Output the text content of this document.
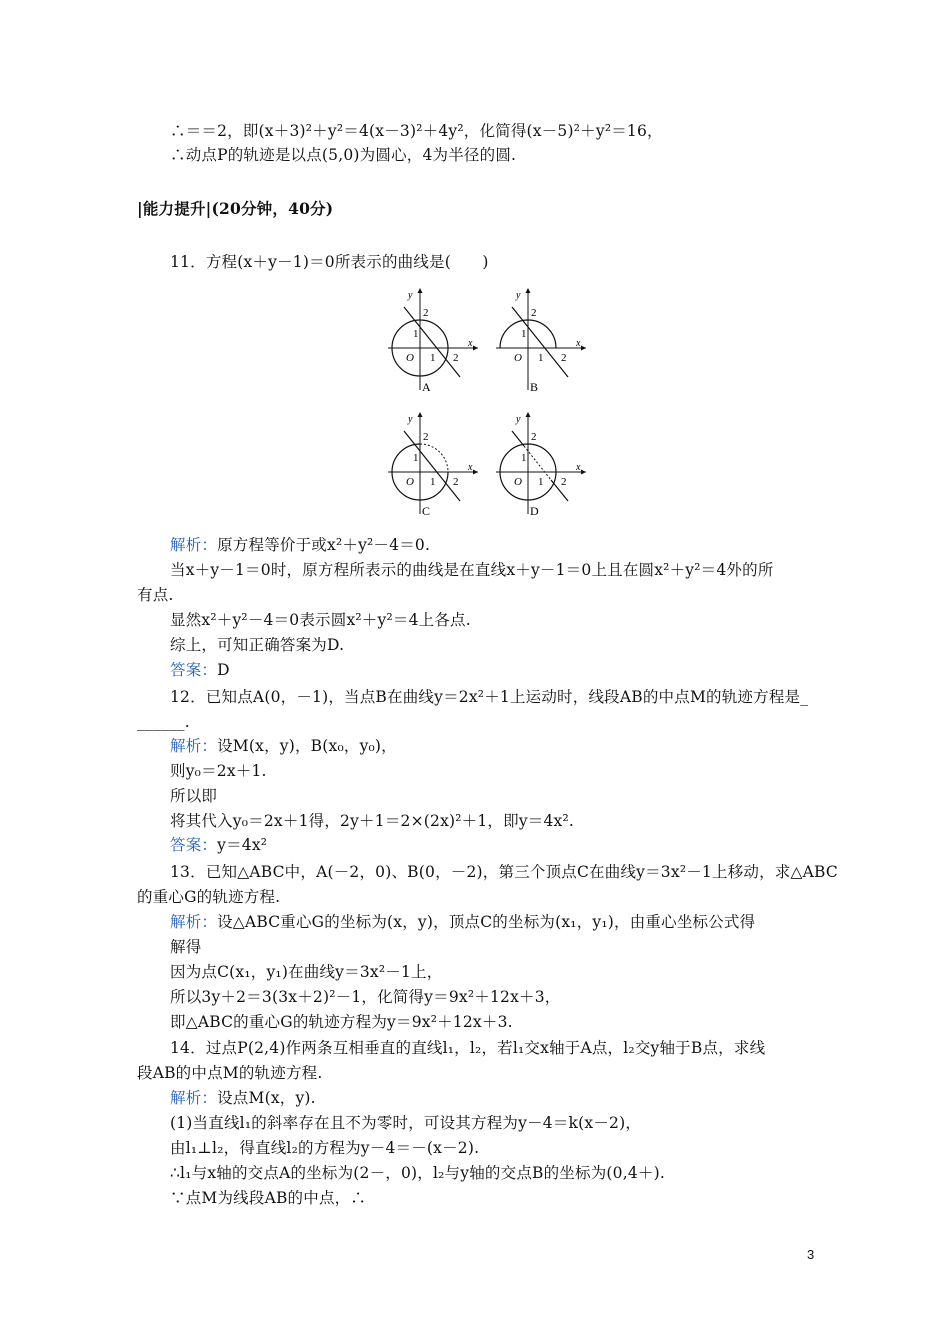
∴＝＝2，即(x＋3)²＋y²＝4(x－3)²＋4y²，化简得(x－5)²＋y²＝16，
∴动点P的轨迹是以点(5,0)为圆心，4为半径的圆.
|能力提升|(20分钟，40分)
11．方程(x＋y－1)＝0所表示的曲线是(　　)
y
x
2
1
O 1 2
A
y
x
2
1
O 1 2
B
y
x
2
1
O 1 2
C
y
x
2
1
O 1 2
D
解析：原方程等价于或x²＋y²－4＝0.
当x＋y－1＝0时，原方程所表示的曲线是在直线x＋y－1＝0上且在圆x²＋y²＝4外的所
有点.
显然x²＋y²－4＝0表示圆x²＋y²＝4上各点.
综上，可知正确答案为D.
答案：D
12．已知点A(0，－1)，当点B在曲线y＝2x²＋1上运动时，线段AB的中点M的轨迹方程是_
______.
解析：设M(x，y)，B(x₀，y₀)，
则y₀＝2x＋1.
所以即
将其代入y₀＝2x＋1得，2y＋1＝2×(2x)²＋1，即y＝4x².
答案：y＝4x²
13．已知△ABC中，A(－2，0)、B(0，－2)，第三个顶点C在曲线y＝3x²－1上移动，求△ABC
的重心G的轨迹方程.
解析：设△ABC重心G的坐标为(x，y)，顶点C的坐标为(x₁，y₁)，由重心坐标公式得
解得
因为点C(x₁，y₁)在曲线y＝3x²－1上，
所以3y＋2＝3(3x＋2)²－1，化简得y＝9x²＋12x＋3，
即△ABC的重心G的轨迹方程为y＝9x²＋12x＋3.
14．过点P(2,4)作两条互相垂直的直线l₁，l₂，若l₁交x轴于A点，l₂交y轴于B点，求线
段AB的中点M的轨迹方程.
解析：设点M(x，y).
(1)当直线l₁的斜率存在且不为零时，可设其方程为y－4＝k(x－2)，
由l₁⊥l₂，得直线l₂的方程为y－4＝－(x－2).
∴l₁与x轴的交点A的坐标为(2－，0)，l₂与y轴的交点B的坐标为(0,4＋).
∵点M为线段AB的中点，∴
3
